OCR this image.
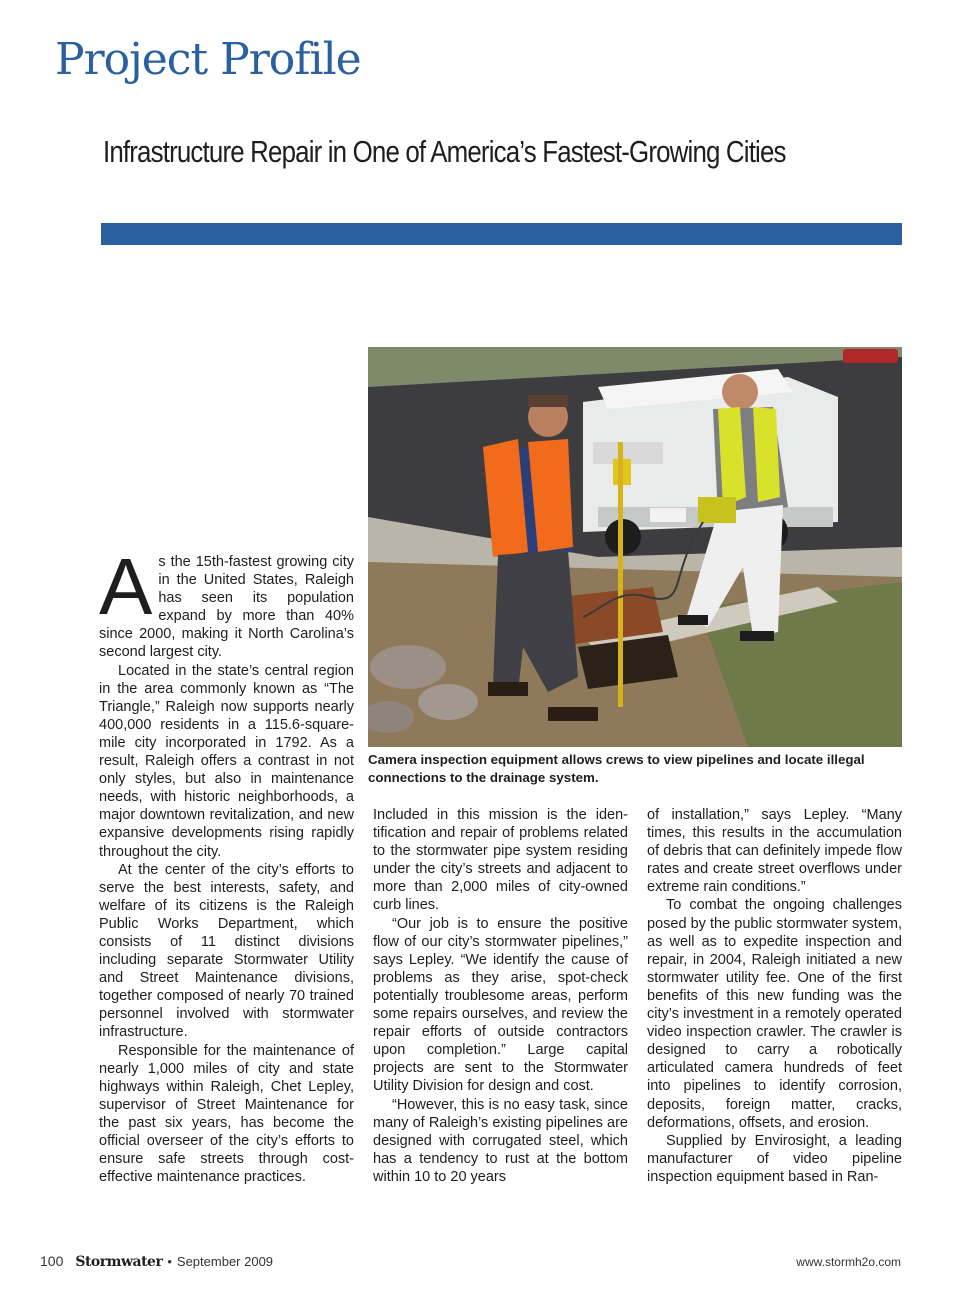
Project Profile
Infrastructure Repair in One of America’s Fastest-Growing Cities

Camera inspection equipment allows crews to view pipelines and locate illegal connections to the drainage system.

As the 15th-fastest growing city in the United States, Raleigh has seen its population expand by more than 40% since 2000, making it North Carolina’s second largest city.

Located in the state’s central region in the area commonly known as “The Triangle,” Raleigh now supports nearly 400,000 residents in a 115.6-square-mile city incorporated in 1792. As a result, Raleigh offers a contrast in not only styles, but also in maintenance needs, with historic neighborhoods, a major downtown revitalization, and new expansive developments rising rapidly throughout the city.

At the center of the city’s efforts to serve the best interests, safety, and welfare of its citizens is the Raleigh Public Works Department, which consists of 11 distinct divisions including separate Stormwater Utility and Street Maintenance divisions, together composed of nearly 70 trained personnel involved with stormwater infrastructure.

Responsible for the maintenance of nearly 1,000 miles of city and state highways within Raleigh, Chet Lepley, supervisor of Street Maintenance for the past six years, has become the official overseer of the city’s efforts to ensure safe streets through cost-effective maintenance practices.

Included in this mission is the identification and repair of problems related to the stormwater pipe system residing under the city’s streets and adjacent to more than 2,000 miles of city-owned curb lines.

“Our job is to ensure the positive flow of our city’s stormwater pipelines,” says Lepley. “We identify the cause of problems as they arise, spot-check potentially troublesome areas, perform some repairs ourselves, and review the repair efforts of outside contractors upon completion.” Large capital projects are sent to the Stormwater Utility Division for design and cost.

“However, this is no easy task, since many of Raleigh’s existing pipelines are designed with corrugated steel, which has a tendency to rust at the bottom within 10 to 20 years

of installation,” says Lepley. “Many times, this results in the accumulation of debris that can definitely impede flow rates and create street overflows under extreme rain conditions.”

To combat the ongoing challenges posed by the public stormwater system, as well as to expedite inspection and repair, in 2004, Raleigh initiated a new stormwater utility fee. One of the first benefits of this new funding was the city’s investment in a remotely operated video inspection crawler. The crawler is designed to carry a robotically articulated camera hundreds of feet into pipelines to identify corrosion, deposits, foreign matter, cracks, deformations, offsets, and erosion.

Supplied by Envirosight, a leading manufacturer of video pipeline inspection equipment based in Ran-

100 Stormwater • September 2009	www.stormh2o.com
